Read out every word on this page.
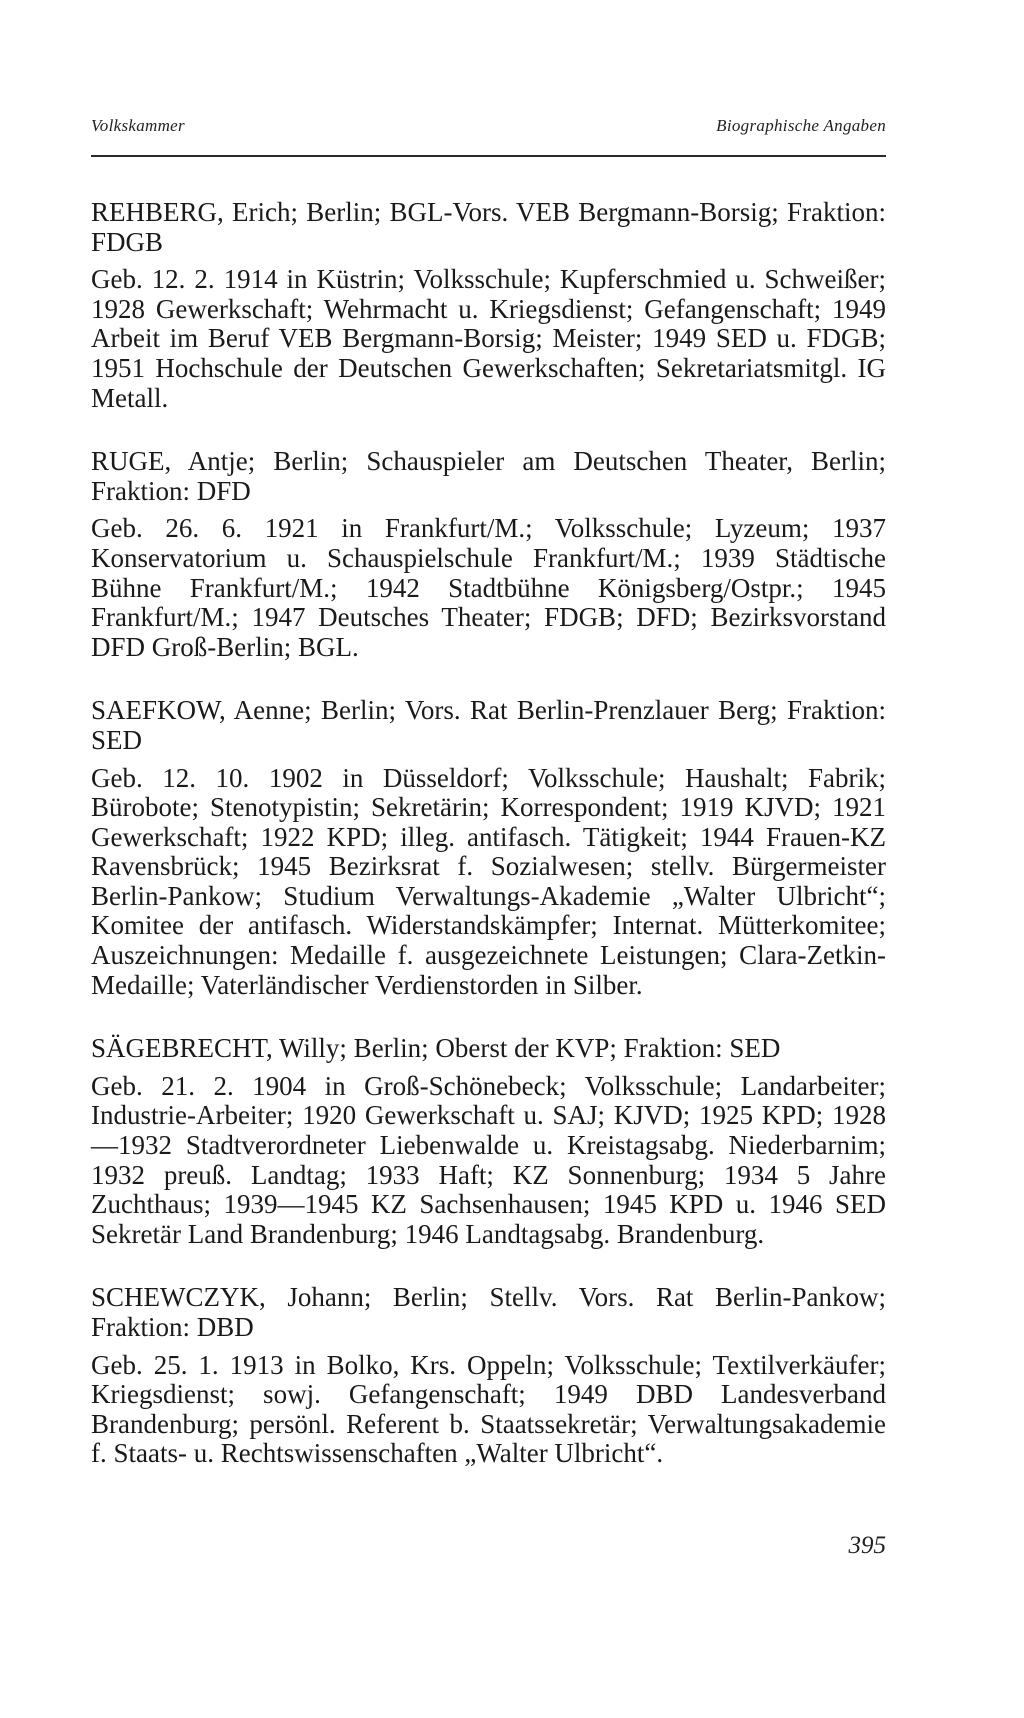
Volkskammer	Biographische Angaben

REHBERG, Erich; Berlin; BGL-Vors. VEB Bergmann-Borsig; Fraktion: FDGB

Geb. 12. 2. 1914 in Küstrin; Volksschule; Kupferschmied u. Schweißer; 1928 Gewerkschaft; Wehrmacht u. Kriegsdienst; Gefangenschaft; 1949 Arbeit im Beruf VEB Bergmann-Borsig; Meister; 1949 SED u. FDGB; 1951 Hochschule der Deutschen Gewerkschaften; Sekretariatsmitgl. IG Metall.

RUGE, Antje; Berlin; Schauspieler am Deutschen Theater, Berlin; Fraktion: DFD

Geb. 26. 6. 1921 in Frankfurt/M.; Volksschule; Lyzeum; 1937 Konservatorium u. Schauspielschule Frankfurt/M.; 1939 Städtische Bühne Frankfurt/M.; 1942 Stadtbühne Königsberg/Ostpr.; 1945 Frankfurt/M.; 1947 Deutsches Theater; FDGB; DFD; Bezirksvorstand DFD Groß-Berlin; BGL.

SAEFKOW, Aenne; Berlin; Vors. Rat Berlin-Prenzlauer Berg; Fraktion: SED

Geb. 12. 10. 1902 in Düsseldorf; Volksschule; Haushalt; Fabrik; Bürobote; Stenotypistin; Sekretärin; Korrespondent; 1919 KJVD; 1921 Gewerkschaft; 1922 KPD; illeg. antifasch. Tätigkeit; 1944 Frauen-KZ Ravensbrück; 1945 Bezirksrat f. Sozialwesen; stellv. Bürgermeister Berlin-Pankow; Studium Verwaltungs-Akademie „Walter Ulbricht“; Komitee der antifasch. Widerstandskämpfer; Internat. Mütterkomitee; Auszeichnungen: Medaille f. ausgezeichnete Leistungen; Clara-Zetkin-Medaille; Vaterländischer Verdienstorden in Silber.

SÄGEBRECHT, Willy; Berlin; Oberst der KVP; Fraktion: SED

Geb. 21. 2. 1904 in Groß-Schönebeck; Volksschule; Landarbeiter; Industrie-Arbeiter; 1920 Gewerkschaft u. SAJ; KJVD; 1925 KPD; 1928—1932 Stadtverordneter Liebenwalde u. Kreistagsabg. Niederbarnim; 1932 preuß. Landtag; 1933 Haft; KZ Sonnenburg; 1934 5 Jahre Zuchthaus; 1939—1945 KZ Sachsenhausen; 1945 KPD u. 1946 SED Sekretär Land Brandenburg; 1946 Landtagsabg. Brandenburg.

SCHEWCZYK, Johann; Berlin; Stellv. Vors. Rat Berlin-Pankow; Fraktion: DBD

Geb. 25. 1. 1913 in Bolko, Krs. Oppeln; Volksschule; Textilverkäufer; Kriegsdienst; sowj. Gefangenschaft; 1949 DBD Landesverband Brandenburg; persönl. Referent b. Staatssekretär; Verwaltungsakademie f. Staats- u. Rechtswissenschaften „Walter Ulbricht“.

395
